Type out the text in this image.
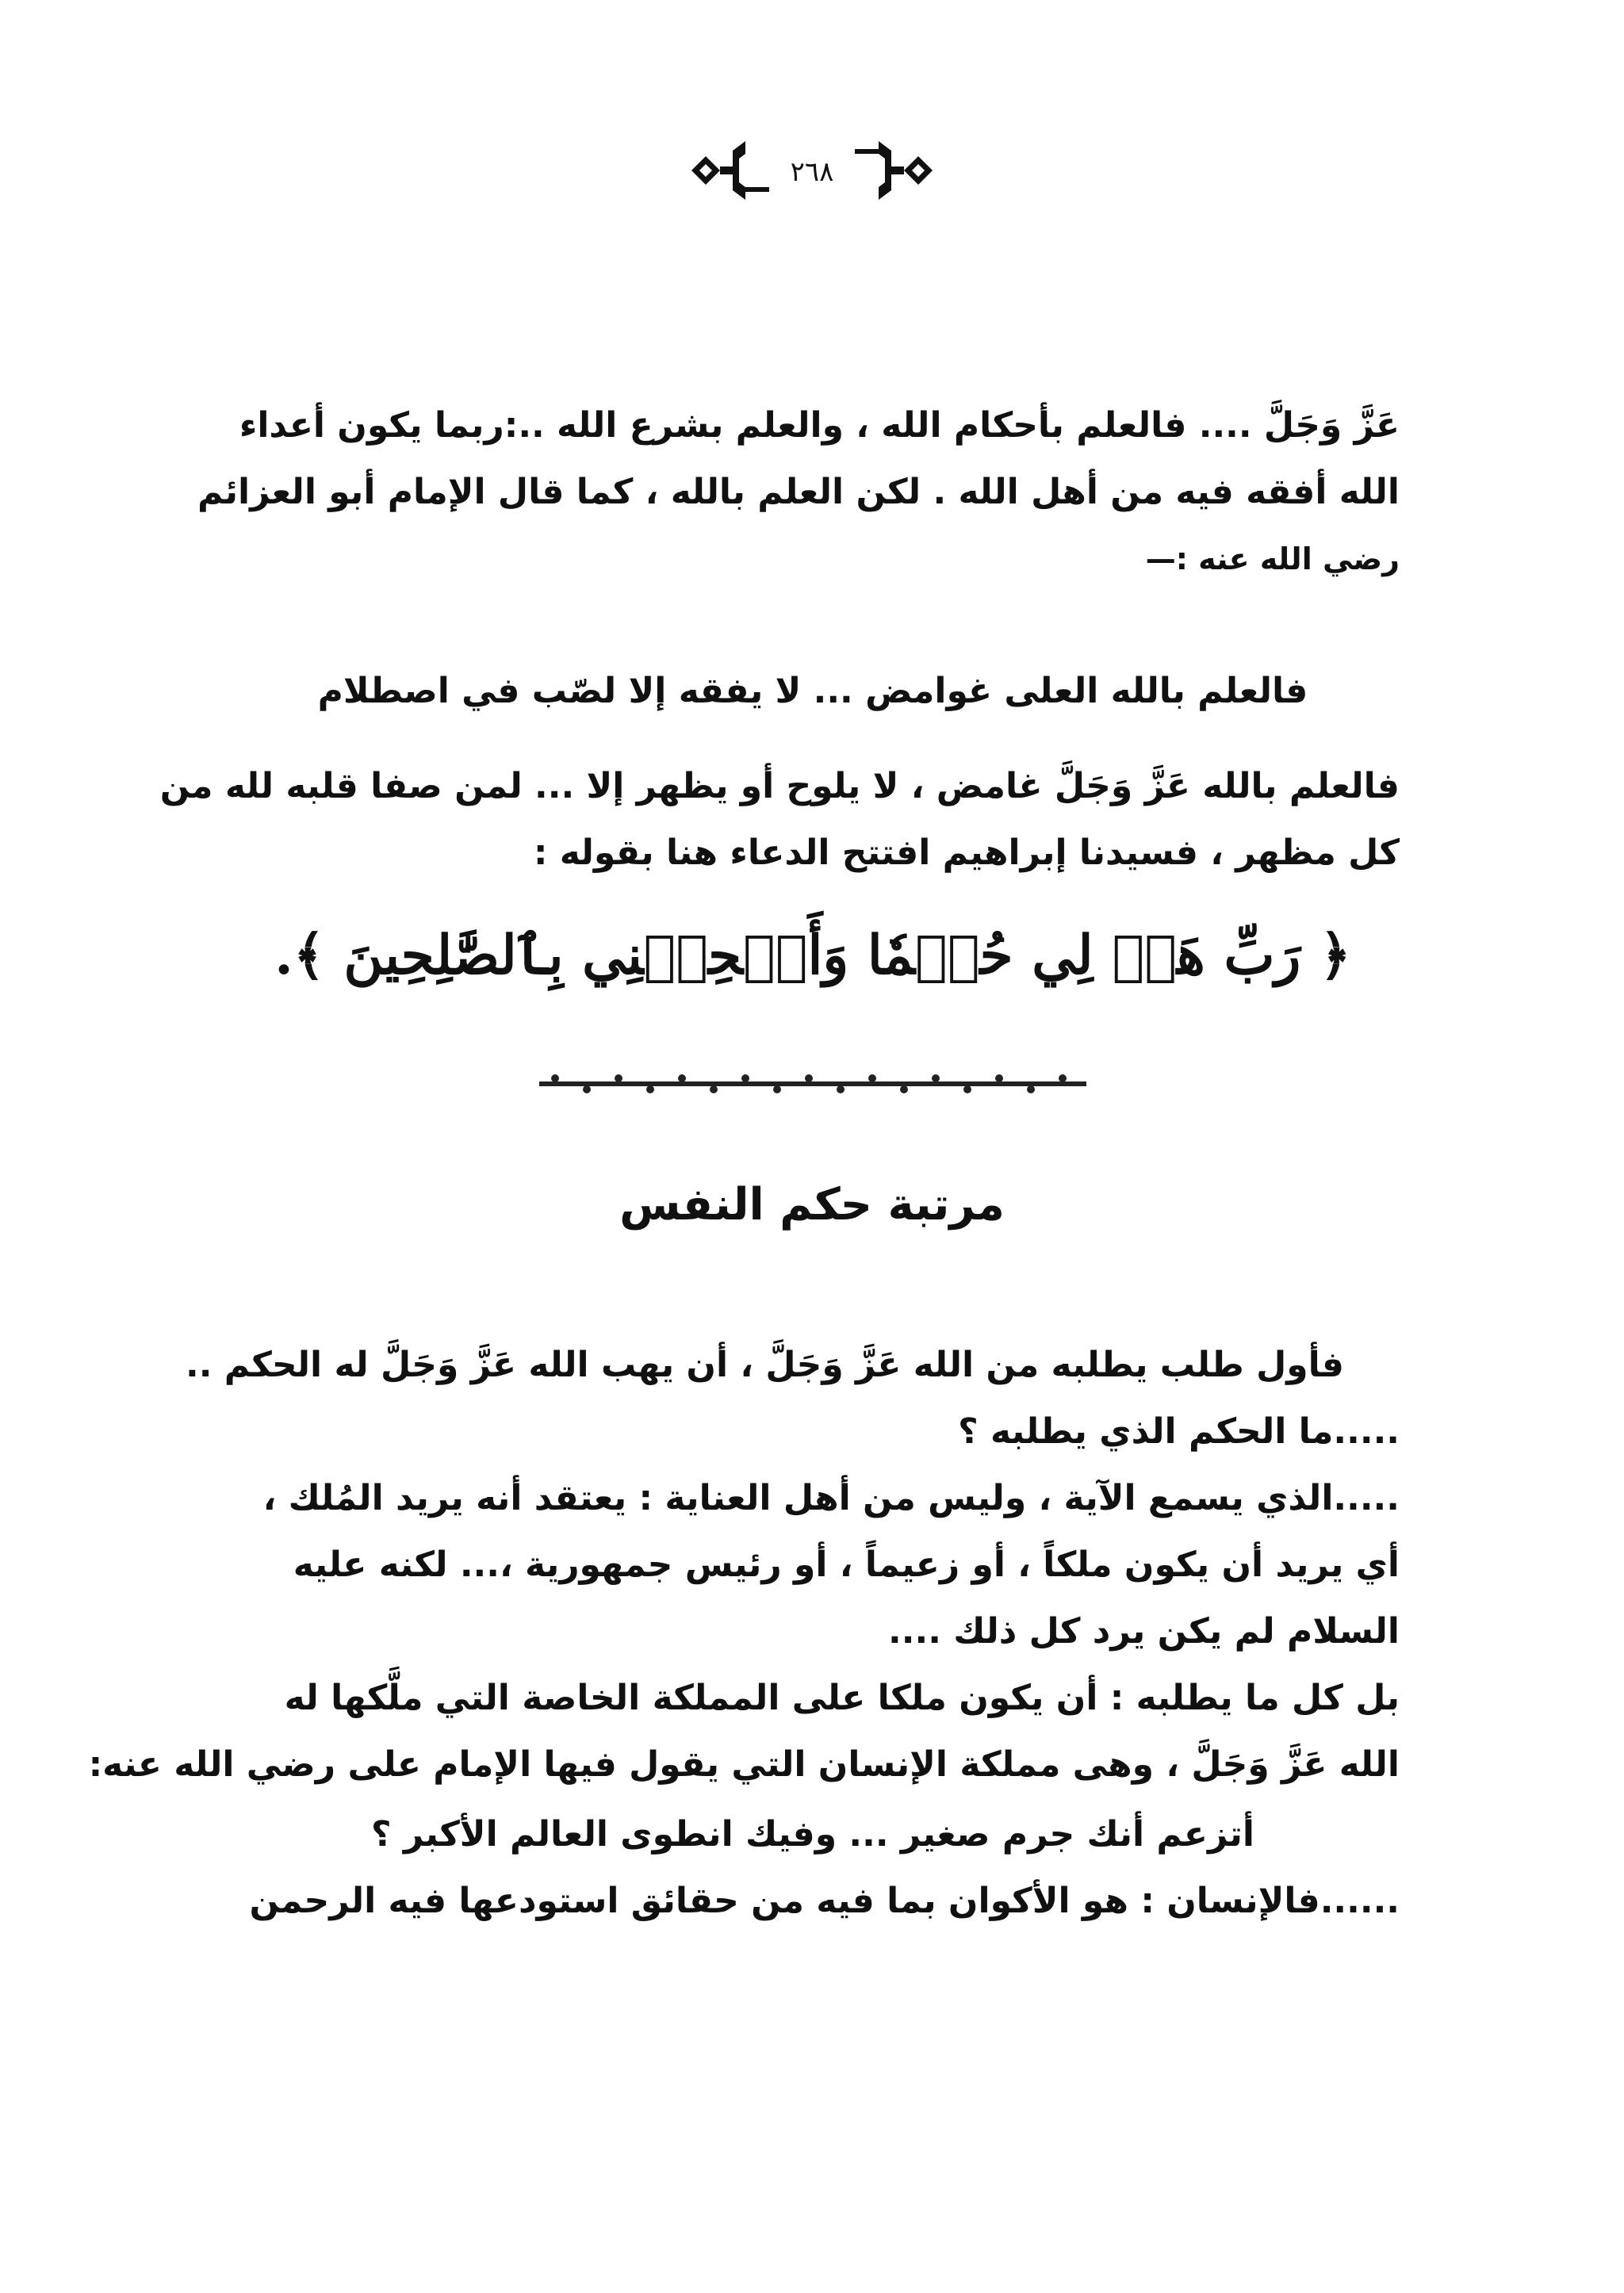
٢٦٨
عَزَّ وَجَلَّ .... فالعلم بأحكام الله ، والعلم بشرع الله ..:ربما يكون أعداء
الله أفقه فيه من أهل الله . لكن العلم بالله ، كما قال الإمام أبو العزائم
رضي الله عنه :—
فالعلم بالله العلى غوامض ... لا يفقه إلا لصّب في اصطلام
فالعلم بالله عَزَّ وَجَلَّ غامض ، لا يلوح أو يظهر إلا ... لمن صفا قلبه لله من
كل مظهر ، فسيدنا إبراهيم افتتح الدعاء هنا بقوله :
﴿ رَبِّ هَبۡ لِي حُكۡمٗا وَأَلۡحِقۡنِي بِٱلصَّٰلِحِينَ ﴾.
مرتبة حكم النفس
فأول طلب يطلبه من الله عَزَّ وَجَلَّ ، أن يهب الله عَزَّ وَجَلَّ له الحكم ..
.....ما الحكم الذي يطلبه ؟
.....الذي يسمع الآية ، وليس من أهل العناية : يعتقد أنه يريد المُلك ،
أي يريد أن يكون ملكاً ، أو زعيماً ، أو رئيس جمهورية ،... لكنه عليه
السلام لم يكن يرد كل ذلك ....
بل كل ما يطلبه : أن يكون ملكا على المملكة الخاصة التي ملَّكها له
الله عَزَّ وَجَلَّ ، وهى مملكة الإنسان التي يقول فيها الإمام على رضي الله عنه:
أتزعم أنك جرم صغير ... وفيك انطوى العالم الأكبر ؟
......فالإنسان : هو الأكوان بما فيه من حقائق استودعها فيه الرحمن
